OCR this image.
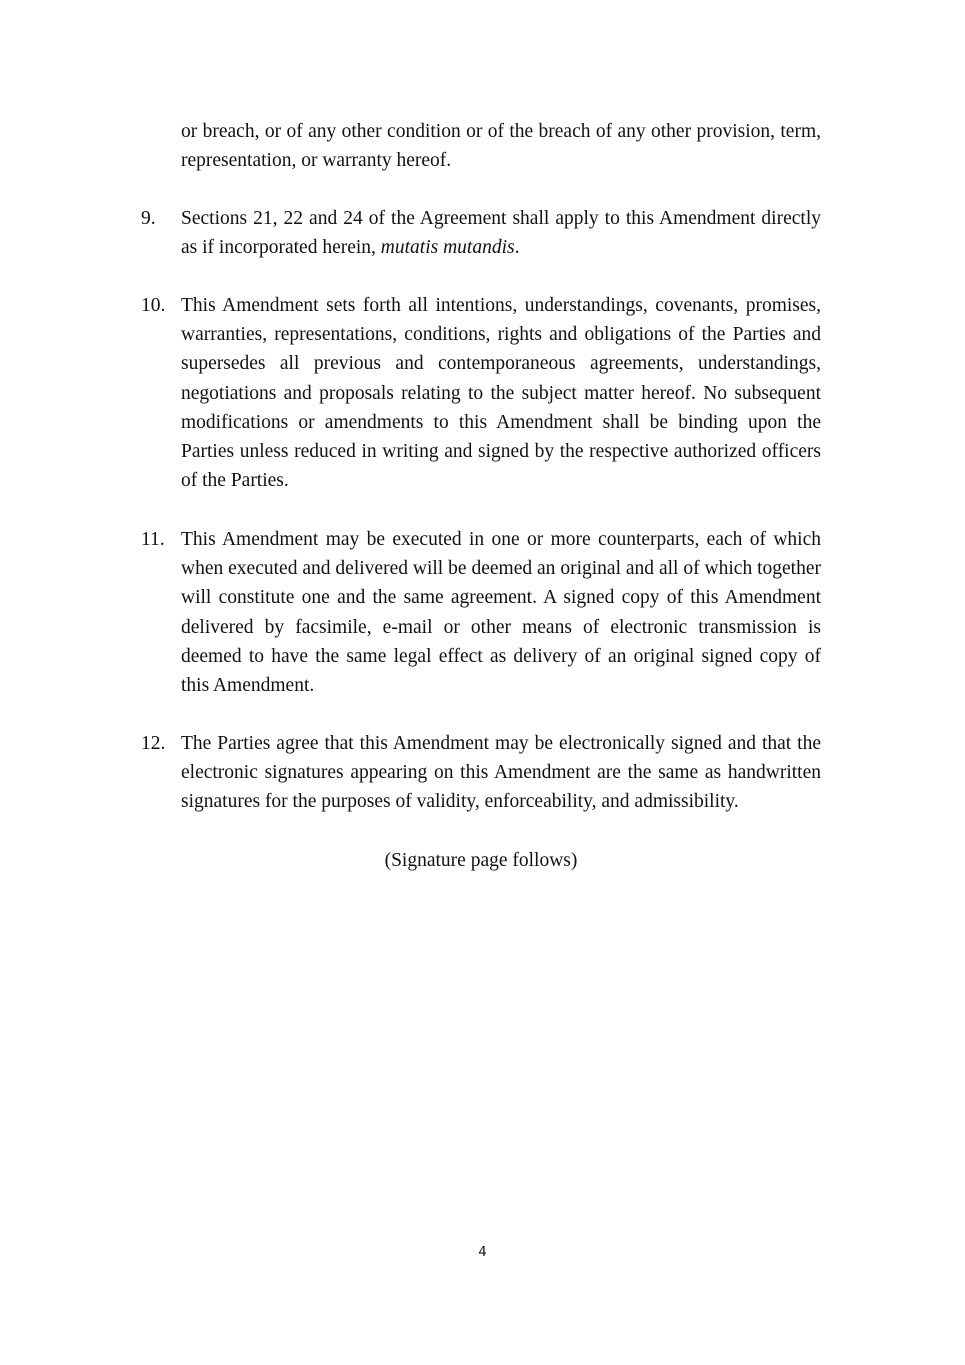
or breach, or of any other condition or of the breach of any other provision, term, representation, or warranty hereof.
9.	Sections 21, 22 and 24 of the Agreement shall apply to this Amendment directly as if incorporated herein, mutatis mutandis.
10. This Amendment sets forth all intentions, understandings, covenants, promises, warranties, representations, conditions, rights and obligations of the Parties and supersedes all previous and contemporaneous agreements, understandings, negotiations and proposals relating to the subject matter hereof. No subsequent modifications or amendments to this Amendment shall be binding upon the Parties unless reduced in writing and signed by the respective authorized officers of the Parties.
11. This Amendment may be executed in one or more counterparts, each of which when executed and delivered will be deemed an original and all of which together will constitute one and the same agreement. A signed copy of this Amendment delivered by facsimile, e-mail or other means of electronic transmission is deemed to have the same legal effect as delivery of an original signed copy of this Amendment.
12. The Parties agree that this Amendment may be electronically signed and that the electronic signatures appearing on this Amendment are the same as handwritten signatures for the purposes of validity, enforceability, and admissibility.
(Signature page follows)
4
